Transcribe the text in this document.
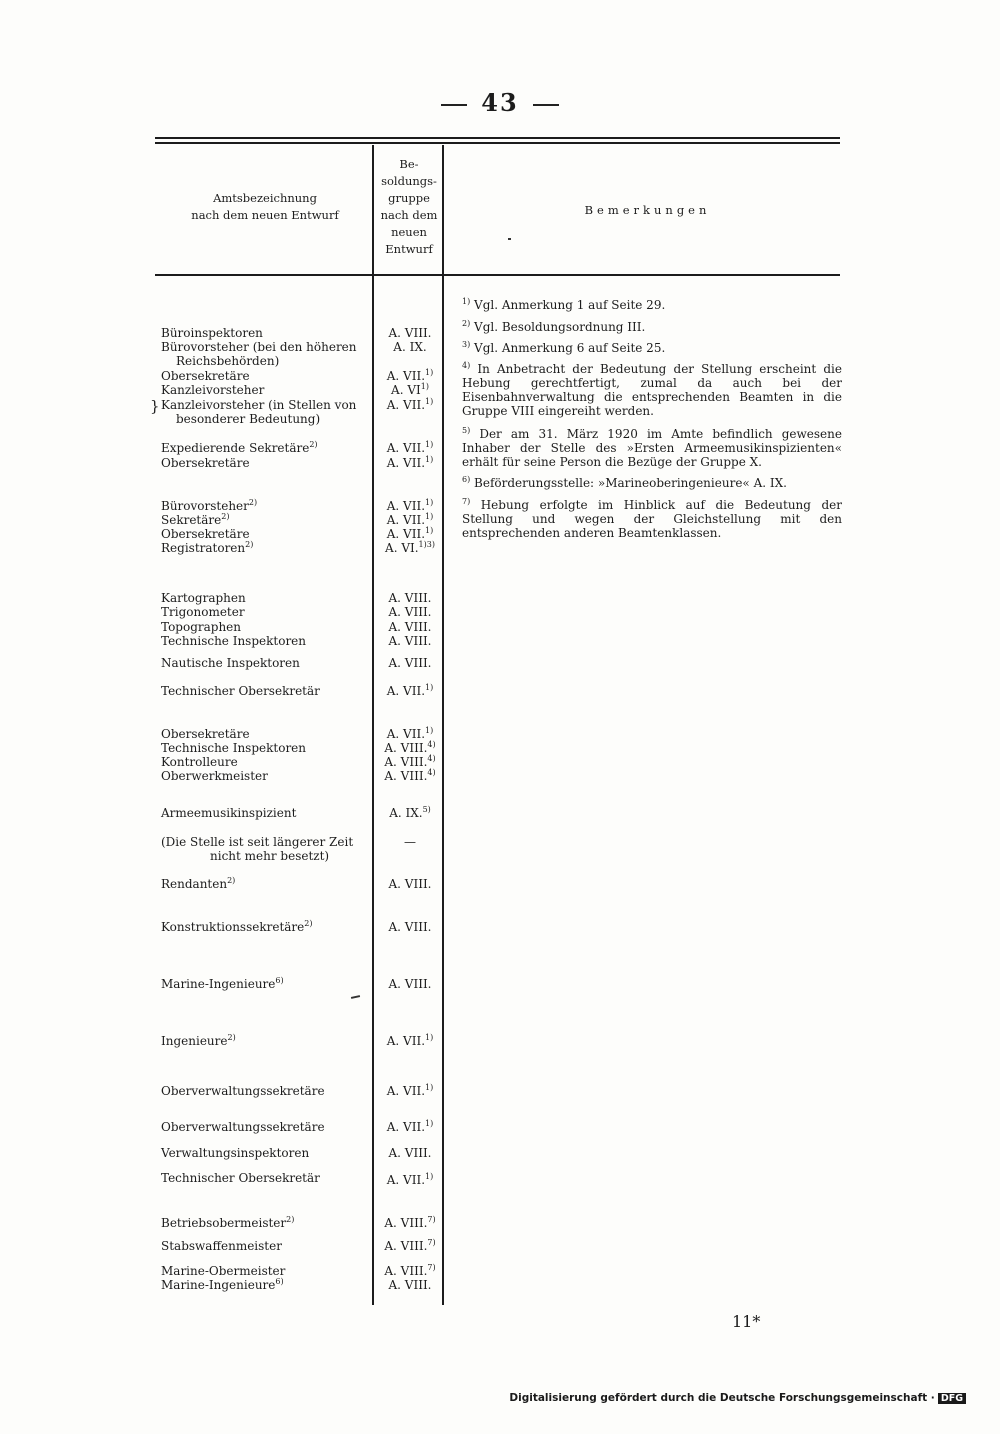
43
Amtsbezeichnung
nach dem neuen Entwurf
Be-
soldungs-
gruppe
nach dem
neuen
Entwurf
Bemerkungen
Büroinspektoren	A. VIII.
Bürovorsteher (bei den höheren	A. IX.
Reichsbehörden)
Obersekretäre	A. VII.$^{1)}$
Kanzleivorsteher	A. VI$^{1)}$
} Kanzleivorsteher (in Stellen von	A. VII.$^{1)}$
besonderer Bedeutung)
Expedierende Sekretäre$^{2)}$	A. VII.$^{1)}$
Obersekretäre	A. VII.$^{1)}$
Bürovorsteher$^{2)}$	A. VII.$^{1)}$
Sekretäre$^{2)}$	A. VII.$^{1)}$
Obersekretäre	A. VII.$^{1)}$
Registratoren$^{2)}$	A. VI.$^{1)3)}$
Kartographen	A. VIII.
Trigonometer	A. VIII.
Topographen	A. VIII.
Technische Inspektoren	A. VIII.
Nautische Inspektoren	A. VIII.
Technischer Obersekretär	A. VII.$^{1)}$
Obersekretäre	A. VII.$^{1)}$
Technische Inspektoren	A. VIII.$^{4)}$
Kontrolleure	A. VIII.$^{4)}$
Oberwerkmeister	A. VIII.$^{4)}$
Armeemusikinspizient	A. IX.$^{5)}$
(Die Stelle ist seit längerer Zeit	—
nicht mehr besetzt)
Rendanten$^{2)}$	A. VIII.
Konstruktionssekretäre$^{2)}$	A. VIII.
Marine-Ingenieure$^{6)}$	A. VIII.
Ingenieure$^{2)}$	A. VII.$^{1)}$
Oberverwaltungssekretäre	A. VII.$^{1)}$
Oberverwaltungssekretäre	A. VII.$^{1)}$
Verwaltungsinspektoren	A. VIII.
Technischer Obersekretär	A. VII.$^{1)}$
Betriebsobermeister$^{2)}$	A. VIII.$^{7)}$
Stabswaffenmeister	A. VIII.$^{7)}$
Marine-Obermeister	A. VIII.$^{7)}$
Marine-Ingenieure$^{6)}$	A. VIII.
$^{1)}$ Vgl. Anmerkung 1 auf Seite 29.
$^{2)}$ Vgl. Besoldungsordnung III.
$^{3)}$ Vgl. Anmerkung 6 auf Seite 25.
$^{4)}$ In Anbetracht der Bedeutung der Stellung erscheint die Hebung gerechtfertigt, zumal da auch bei der Eisenbahnverwaltung die entsprechenden Beamten in die Gruppe VIII eingereiht werden.
$^{5)}$ Der am 31. März 1920 im Amte befindlich gewesene Inhaber der Stelle des »Ersten Armeemusikinspizienten« erhält für seine Person die Bezüge der Gruppe X.
$^{6)}$ Beförderungsstelle: »Marineoberingenieure« A. IX.
$^{7)}$ Hebung erfolgte im Hinblick auf die Bedeutung der Stellung und wegen der Gleichstellung mit den entsprechenden anderen Beamtenklassen.
11*
Digitalisierung gefördert durch die Deutsche Forschungsgemeinschaft · DFG
